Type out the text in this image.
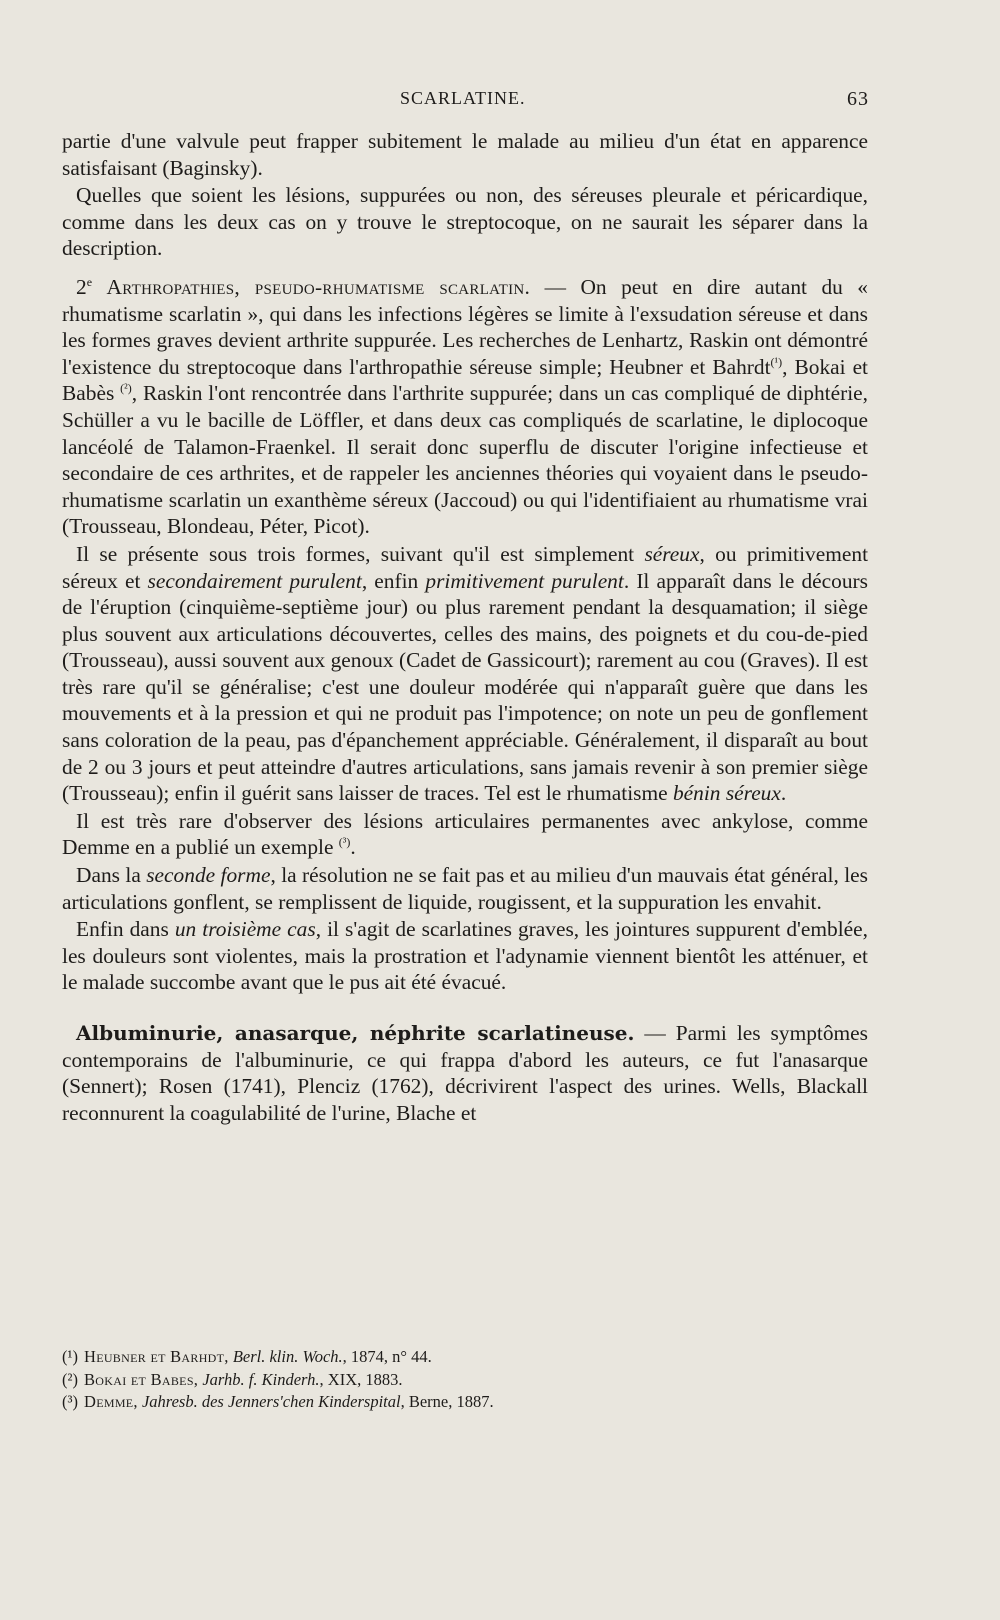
SCARLATINE.	63

partie d'une valvule peut frapper subitement le malade au milieu d'un état en apparence satisfaisant (Baginsky).

Quelles que soient les lésions, suppurées ou non, des séreuses pleurale et péricardique, comme dans les deux cas on y trouve le streptocoque, on ne saurait les séparer dans la description.

2e Arthropathies, pseudo-rhumatisme scarlatin. — On peut en dire autant du « rhumatisme scarlatin », qui dans les infections légères se limite à l'exsudation séreuse et dans les formes graves devient arthrite suppurée. Les recherches de Lenhartz, Raskin ont démontré l'existence du streptocoque dans l'arthropathie séreuse simple; Heubner et Bahrdt$^{(^1)}$, Bokai et Babès $^{(^2)}$, Raskin l'ont rencontrée dans l'arthrite suppurée; dans un cas compliqué de diphtérie, Schüller a vu le bacille de Löffler, et dans deux cas compliqués de scarlatine, le diplocoque lancéolé de Talamon-Fraenkel. Il serait donc superflu de discuter l'origine infectieuse et secondaire de ces arthrites, et de rappeler les anciennes théories qui voyaient dans le pseudo-rhumatisme scarlatin un exanthème séreux (Jaccoud) ou qui l'identifiaient au rhumatisme vrai (Trousseau, Blondeau, Péter, Picot).

Il se présente sous trois formes, suivant qu'il est simplement séreux, ou primitivement séreux et secondairement purulent, enfin primitivement purulent. Il apparaît dans le décours de l'éruption (cinquième-septième jour) ou plus rarement pendant la desquamation; il siège plus souvent aux articulations découvertes, celles des mains, des poignets et du cou-de-pied (Trousseau), aussi souvent aux genoux (Cadet de Gassicourt); rarement au cou (Graves). Il est très rare qu'il se généralise; c'est une douleur modérée qui n'apparaît guère que dans les mouvements et à la pression et qui ne produit pas l'impotence; on note un peu de gonflement sans coloration de la peau, pas d'épanchement appréciable. Généralement, il disparaît au bout de 2 ou 3 jours et peut atteindre d'autres articulations, sans jamais revenir à son premier siège (Trousseau); enfin il guérit sans laisser de traces. Tel est le rhumatisme bénin séreux.

Il est très rare d'observer des lésions articulaires permanentes avec ankylose, comme Demme en a publié un exemple $^{(^3)}$.

Dans la seconde forme, la résolution ne se fait pas et au milieu d'un mauvais état général, les articulations gonflent, se remplissent de liquide, rougissent, et la suppuration les envahit.

Enfin dans un troisième cas, il s'agit de scarlatines graves, les jointures suppurent d'emblée, les douleurs sont violentes, mais la prostration et l'adynamie viennent bientôt les atténuer, et le malade succombe avant que le pus ait été évacué.

Albuminurie, anasarque, néphrite scarlatineuse. — Parmi les symptômes contemporains de l'albuminurie, ce qui frappa d'abord les auteurs, ce fut l'anasarque (Sennert); Rosen (1741), Plenciz (1762), décrivirent l'aspect des urines. Wells, Blackall reconnurent la coagulabilité de l'urine, Blache et

(¹) Heubner et Barhdt, Berl. klin. Woch., 1874, n° 44.
(²) Bokai et Babes, Jarhb. f. Kinderh., XIX, 1883.
(³) Demme, Jahresb. des Jenners'chen Kinderspital, Berne, 1887.
